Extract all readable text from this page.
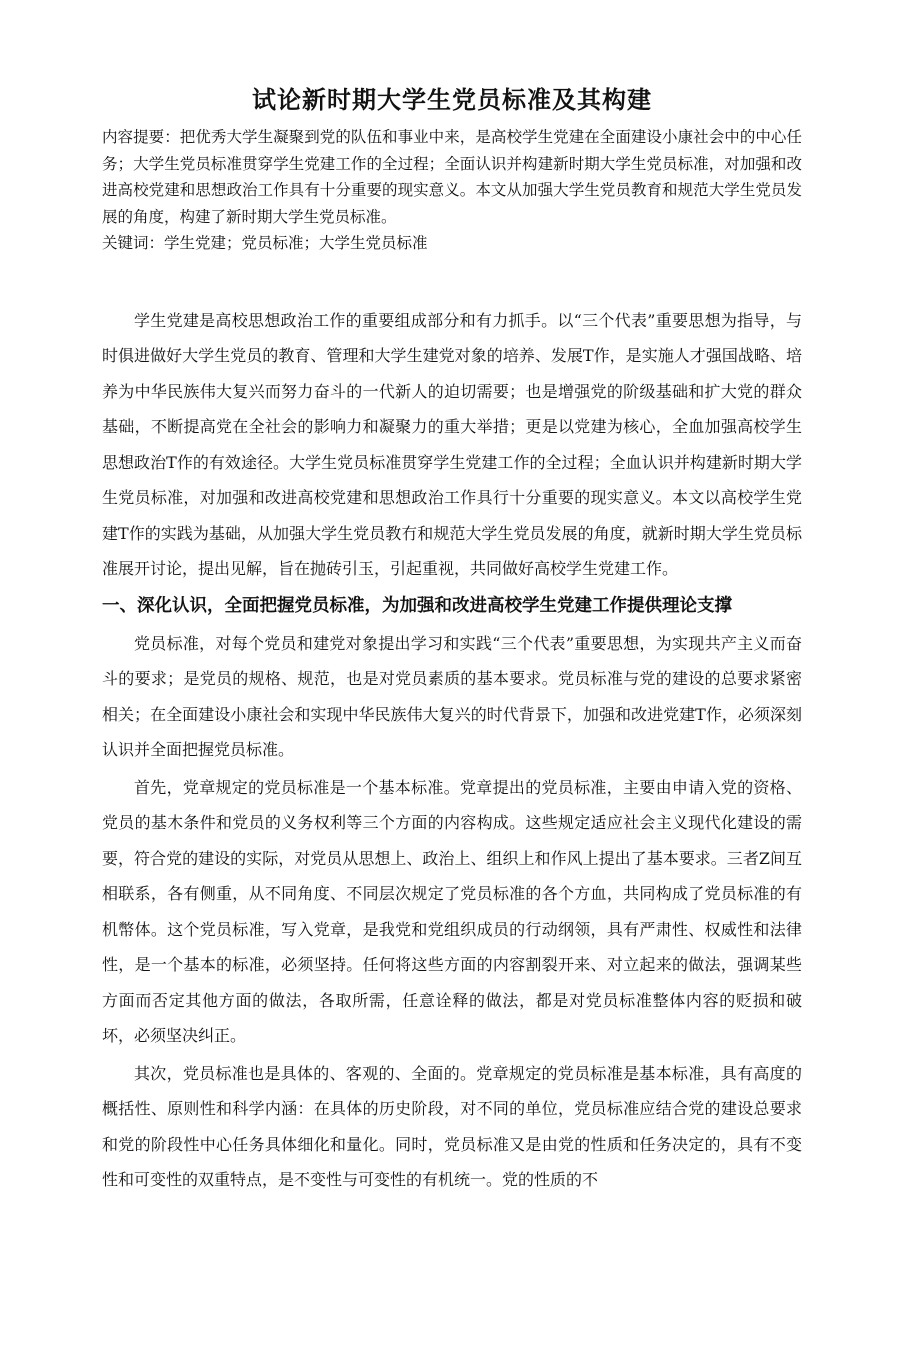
试论新时期大学生党员标准及其构建

内容提要：把优秀大学生凝聚到党的队伍和事业中来，是高校学生党建在全面建设小康社会中的中心任务；大学生党员标准贯穿学生党建工作的全过程；全面认识并构建新时期大学生党员标准，对加强和改进高校党建和思想政治工作具有十分重要的现实意义。本文从加强大学生党员教育和规范大学生党员发展的角度，构建了新时期大学生党员标准。

关键词：学生党建；党员标准；大学生党员标准

学生党建是高校思想政治工作的重要组成部分和有力抓手。以“三个代表”重要思想为指导，与时俱进做好大学生党员的教育、管理和大学生建党对象的培养、发展T作，是实施人才强国战略、培养为中华民族伟大复兴而努力奋斗的一代新人的迫切需要；也是增强党的阶级基础和扩大党的群众基础，不断提高党在全社会的影响力和凝聚力的重大举措；更是以党建为核心，全血加强高校学生思想政治T作的有效途径。大学生党员标准贯穿学生党建工作的全过程；全血认识并构建新时期大学生党员标准，对加强和改进高校党建和思想政治工作具行十分重要的现实意义。本文以高校学生党建T作的实践为基础，从加强大学生党员教冇和规范大学生党员发展的角度，就新时期大学生党员标准展开讨论，提出见解，旨在抛砖引玉，引起重视，共同做好高校学生党建工作。

一、深化认识，全面把握党员标准，为加强和改进高校学生党建工作提供理论支撑

党员标准，对每个党员和建党对象提出学习和实践“三个代表”重要思想，为实现共产主义而奋斗的要求；是党员的规格、规范，也是对党员素质的基本要求。党员标准与党的建设的总要求紧密相关；在全面建设小康社会和实现中华民族伟大复兴的时代背景下，加强和改进党建T作，必须深刻认识并全面把握党员标准。

首先，党章规定的党员标准是一个基本标准。党章提出的党员标准，主要由申请入党的资格、党员的基木条件和党员的义务权利等三个方面的内容构成。这些规定适应社会主义现代化建设的需要，符合党的建设的实际，对党员从思想上、政治上、组织上和作风上提出了基本要求。三者Z间互相联系，各有侧重，从不同角度、不同层次规定了党员标准的各个方血，共同构成了党员标准的有机幣体。这个党员标准，写入党章，是我党和党组织成员的行动纲领，具有严肃性、权威性和法律性，是一个基本的标准，必须坚持。任何将这些方面的内容割裂开来、对立起来的做法，强调某些方面而否定其他方面的做法，各取所需，任意诠释的做法，都是对党员标准整体内容的贬损和破坏，必须坚决纠正。

其次，党员标准也是具体的、客观的、全面的。党章规定的党员标准是基本标准，具有高度的概括性、原则性和科学内涵：在具体的历史阶段，对不同的单位，党员标准应结合党的建设总要求和党的阶段性中心任务具体细化和量化。同时，党员标准又是由党的性质和任务决定的，具有不变性和可变性的双重特点，是不变性与可变性的有机统一。党的性质的不
